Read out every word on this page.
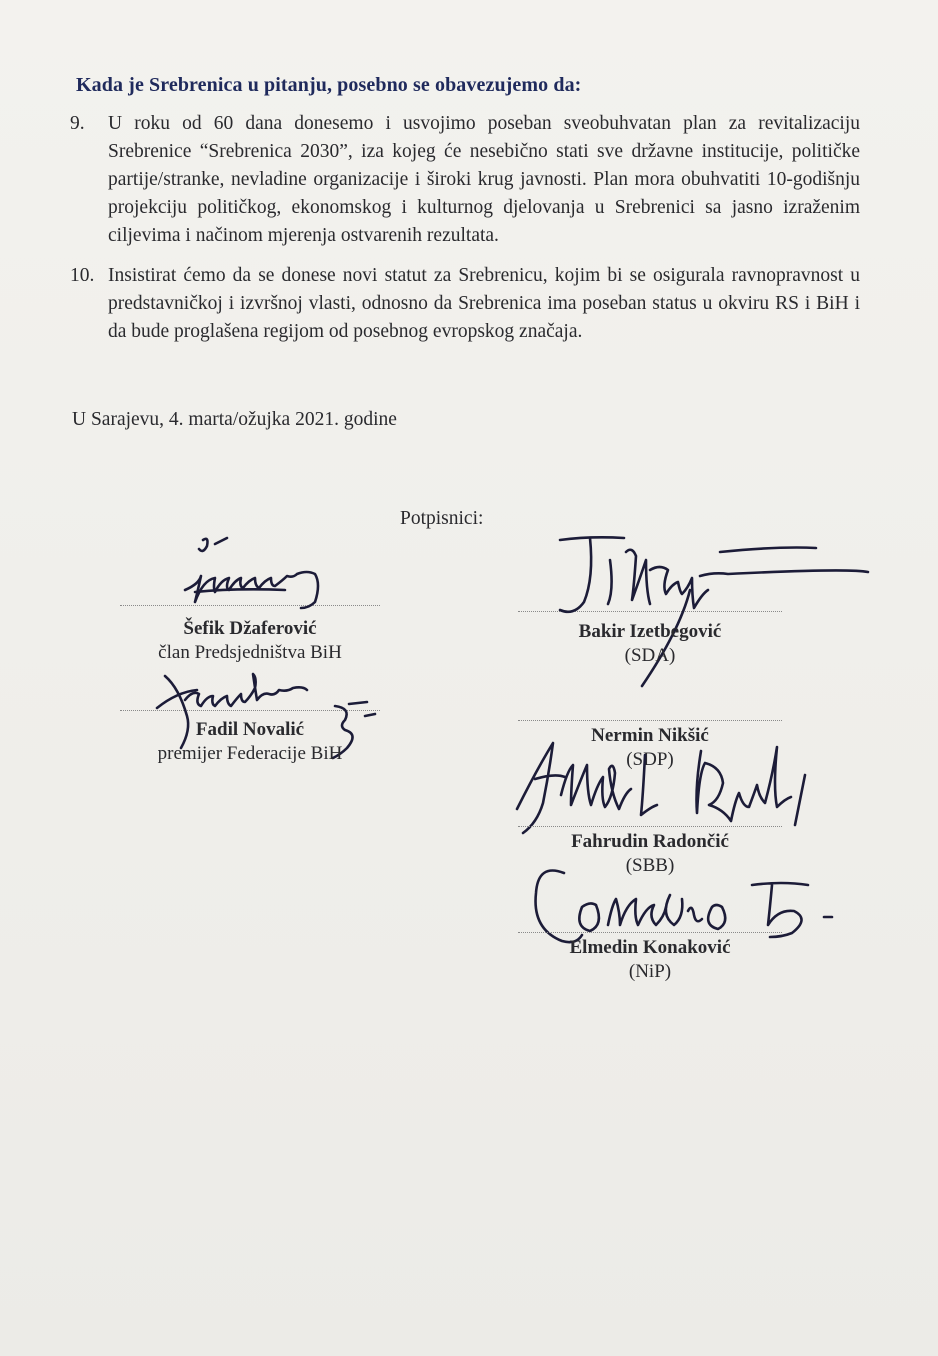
Kada je Srebrenica u pitanju, posebno se obavezujemo da:
9.	U roku od 60 dana donesemo i usvojimo poseban sveobuhvatan plan za revitalizaciju Srebrenice “Srebrenica 2030”, iza kojeg će nesebično stati sve državne institucije, političke partije/stranke, nevladine organizacije i široki krug javnosti. Plan mora obuhvatiti 10-godišnju projekciju političkog, ekonomskog i kulturnog djelovanja u Srebrenici sa jasno izraženim ciljevima i načinom mjerenja ostvarenih rezultata.
10. Insistirat ćemo da se donese novi statut za Srebrenicu, kojim bi se osigurala ravnopravnost u predstavničkoj i izvršnoj vlasti, odnosno da Srebrenica ima poseban status u okviru RS i BiH i da bude proglašena regijom od posebnog evropskog značaja.
U Sarajevu, 4. marta/ožujka 2021. godine
Potpisnici:
Šefik Džaferović
član Predsjedništva BiH
Fadil Novalić
premijer Federacije BiH
Bakir Izetbegović
(SDA)
Nermin Nikšić
(SDP)
Fahrudin Radončić
(SBB)
Elmedin Konaković
(NiP)
